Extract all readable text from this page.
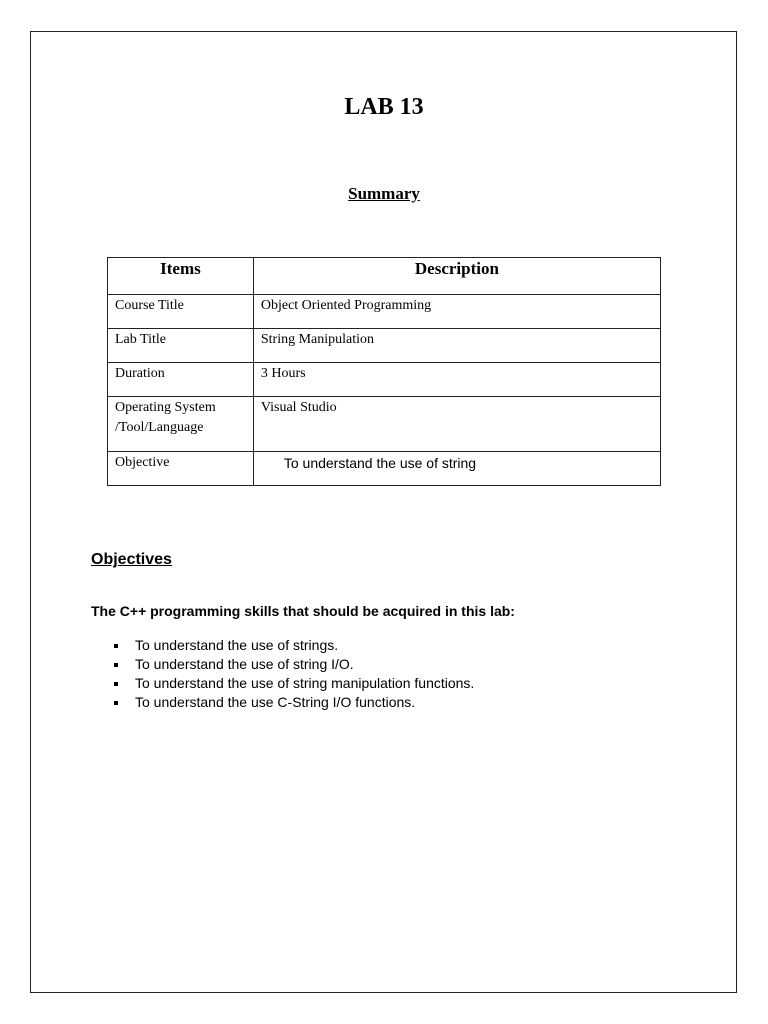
LAB 13
Summary
Items	Description
Course Title	Object Oriented Programming
Lab Title	String Manipulation
Duration	3 Hours
Operating System /Tool/Language	Visual Studio
Objective	To understand the use of string
Objectives
The C++ programming skills that should be acquired in this lab:
To understand the use of strings.
To understand the use of string I/O.
To understand the use of string manipulation functions.
To understand the use C-String I/O functions.
